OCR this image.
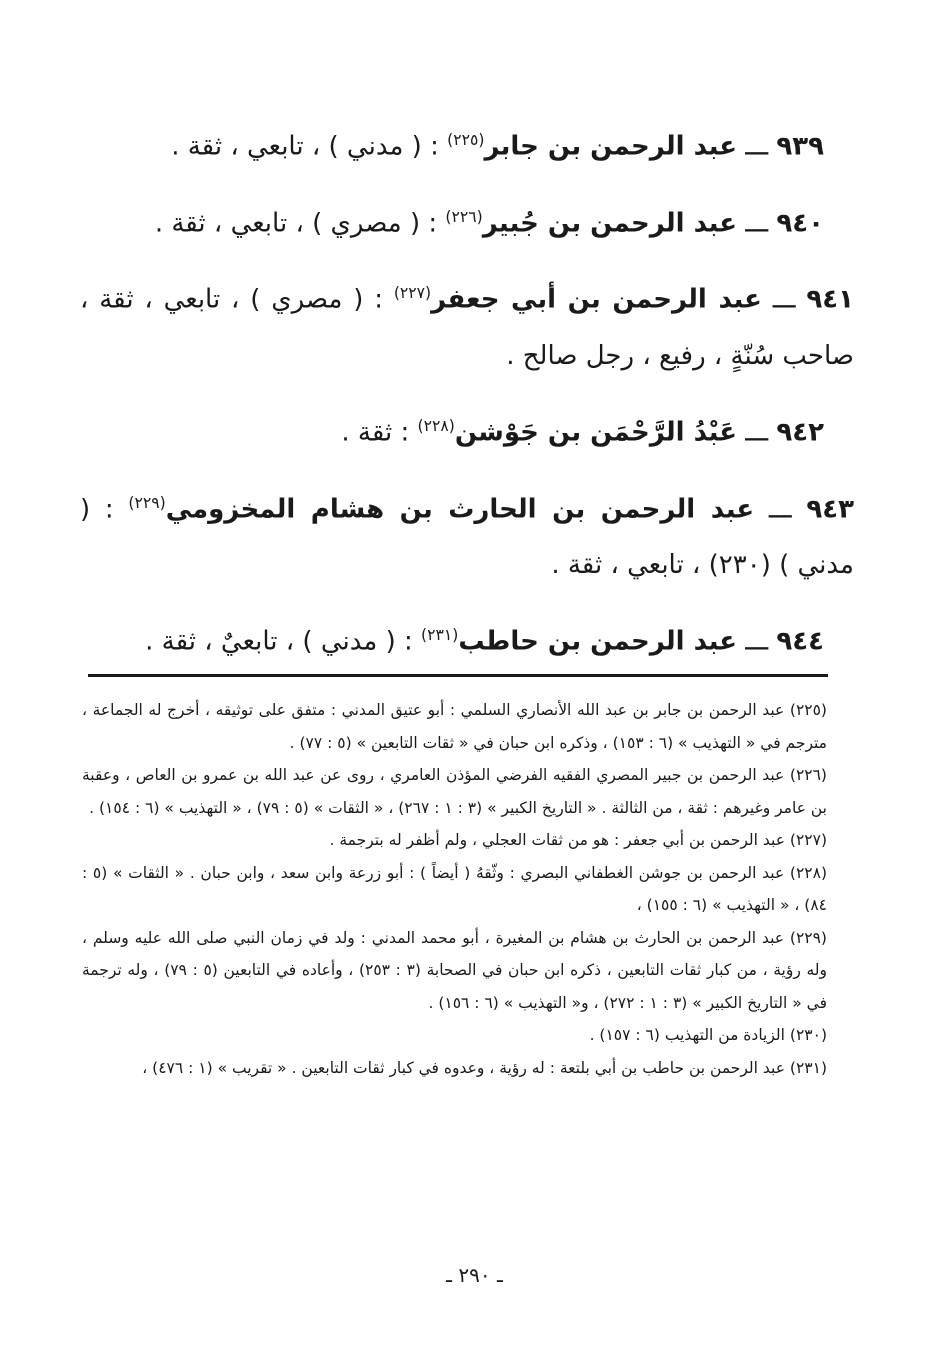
٩٣٩ ـــ عبد الرحمن بن جابر$^{(٢٢٥)}$ : ( مدني ) ، تابعي ، ثقة .

٩٤٠ ـــ عبد الرحمن بن جُبير$^{(٢٢٦)}$ : ( مصري ) ، تابعي ، ثقة .

٩٤١ ـــ عبد الرحمن بن أبي جعفر$^{(٢٢٧)}$ : ( مصري ) ، تابعي ، ثقة ، صاحب سُنّةٍ ، رفيع ، رجل صالح .

٩٤٢ ـــ عَبْدُ الرَّحْمَن بن جَوْشن$^{(٢٢٨)}$ : ثقة .

٩٤٣ ـــ عبد الرحمن بن الحارث بن هشام المخزومي$^{(٢٢٩)}$ : ( مدني ) (٢٣٠) ، تابعي ، ثقة .

٩٤٤ ـــ عبد الرحمن بن حاطب$^{(٢٣١)}$ : ( مدني ) ، تابعيٌ ، ثقة .

(٢٢٥) عبد الرحمن بن جابر بن عبد الله الأنصاري السلمي : أبو عتيق المدني : متفق على توثيقه ، أخرج له الجماعة ، مترجم في « التهذيب » (٦ : ١٥٣) ، وذكره ابن حبان في « ثقات التابعين » (٥ : ٧٧) .

(٢٢٦) عبد الرحمن بن جبير المصري الفقيه الفرضي المؤذن العامري ، روى عن عبد الله بن عمرو بن العاص ، وعقبة بن عامر وغيرهم : ثقة ، من الثالثة . « التاريخ الكبير » (٣ : ١ : ٢٦٧) ، « الثقات » (٥ : ٧٩) ، « التهذيب » (٦ : ١٥٤) .

(٢٢٧) عبد الرحمن بن أبي جعفر : هو من ثقات العجلي ، ولم أظفر له بترجمة .

(٢٢٨) عبد الرحمن بن جوشن الغطفاني البصري : وثّقهُ ( أيضاً ) : أبو زرعة وابن سعد ، وابن حبان . « الثقات » (٥ : ٨٤) ، « التهذيب » (٦ : ١٥٥) ،

(٢٢٩) عبد الرحمن بن الحارث بن هشام بن المغيرة ، أبو محمد المدني : ولد في زمان النبي صلى الله عليه وسلم ، وله رؤية ، من كبار ثقات التابعين ، ذكره ابن حبان في الصحابة (٣ : ٢٥٣) ، وأعاده في التابعين (٥ : ٧٩) ، وله ترجمة في « التاريخ الكبير » (٣ : ١ : ٢٧٢) ، و« التهذيب » (٦ : ١٥٦) .

(٢٣٠) الزيادة من التهذيب (٦ : ١٥٧) .

(٢٣١) عبد الرحمن بن حاطب بن أبي بلتعة : له رؤية ، وعدوه في كبار ثقات التابعين . « تقريب » (١ : ٤٧٦) ،

ـ ٢٩٠ ـ
